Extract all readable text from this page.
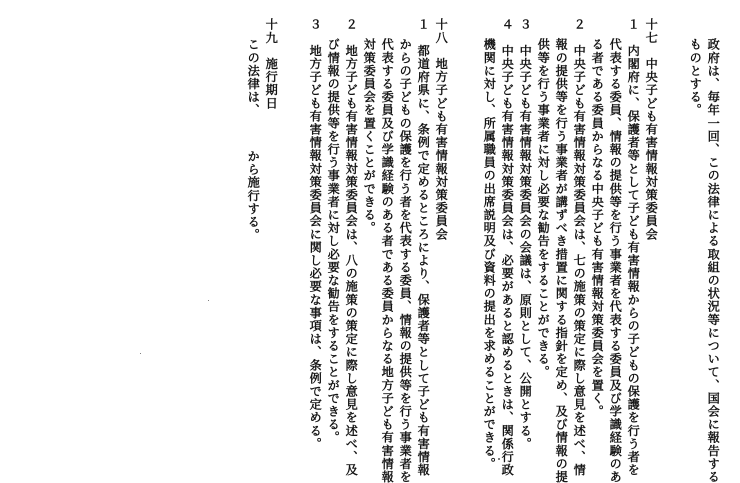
政府は、毎年一回、この法律による取組の状況等について、国会に報告する
ものとする。
十七　中央子ども有害情報対策委員会
１　内閣府に、保護者等として子ども有害情報からの子どもの保護を行う者を
代表する委員、情報の提供等を行う事業者を代表する委員及び学識経験のあ
る者である委員からなる中央子ども有害情報対策委員会を置く。
２　中央子ども有害情報対策委員会は、七の施策の策定に際し意見を述べ、情
報の提供等を行う事業者が講ずべき措置に関する指針を定め、及び情報の提
供等を行う事業者に対し必要な勧告をすることができる。
３　中央子ども有害情報対策委員会の会議は、原則として、公開とする。
４　中央子ども有害情報対策委員会は、必要があると認めるときは、関係行政
機関に対し、所属職員の出席説明及び資料の提出を求めることができる。
十八　地方子ども有害情報対策委員会
１　都道府県に、条例で定めるところにより、保護者等として子ども有害情報
からの子どもの保護を行う者を代表する委員、情報の提供等を行う事業者を
代表する委員及び学識経験のある者である委員からなる地方子ども有害情報
対策委員会を置くことができる。
２　地方子ども有害情報対策委員会は、八の施策の策定に際し意見を述べ、及
び情報の提供等を行う事業者に対し必要な勧告をすることができる。
３　地方子ども有害情報対策委員会に関し必要な事項は、条例で定める。
十九　施行期日
この法律は、　　　から施行する。
